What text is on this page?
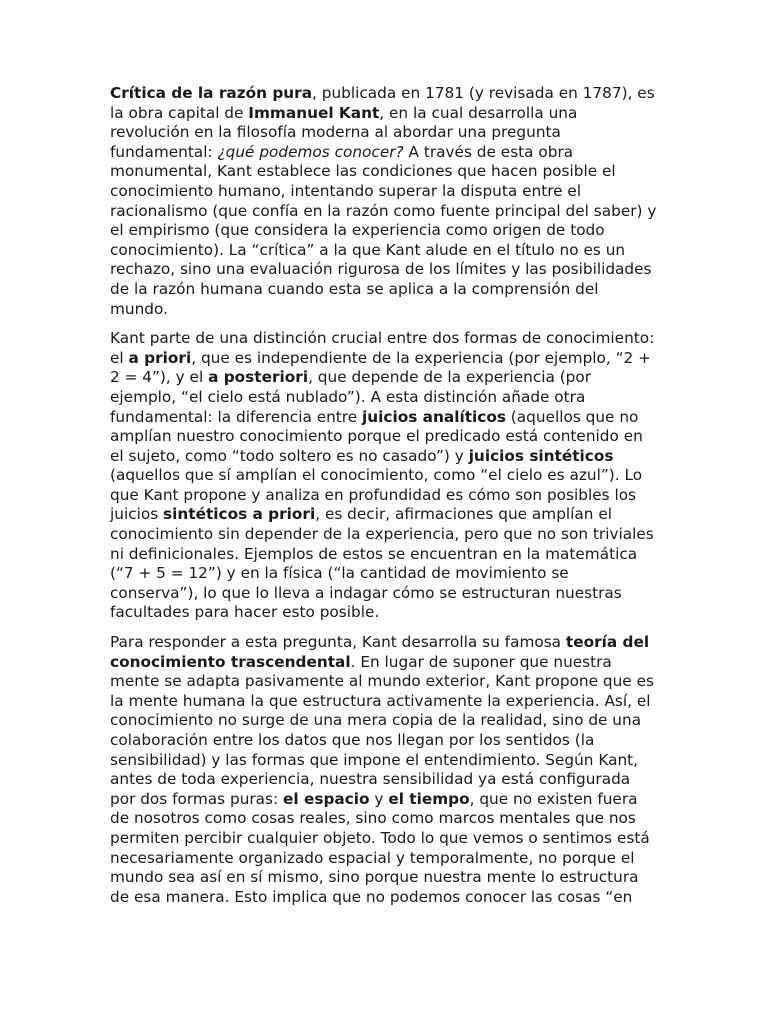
Crítica de la razón pura, publicada en 1781 (y revisada en 1787), es la obra capital de Immanuel Kant, en la cual desarrolla una revolución en la filosofía moderna al abordar una pregunta fundamental: ¿qué podemos conocer? A través de esta obra monumental, Kant establece las condiciones que hacen posible el conocimiento humano, intentando superar la disputa entre el racionalismo (que confía en la razón como fuente principal del saber) y el empirismo (que considera la experiencia como origen de todo conocimiento). La “crítica” a la que Kant alude en el título no es un rechazo, sino una evaluación rigurosa de los límites y las posibilidades de la razón humana cuando esta se aplica a la comprensión del mundo.

Kant parte de una distinción crucial entre dos formas de conocimiento: el a priori, que es independiente de la experiencia (por ejemplo, “2 + 2 = 4”), y el a posteriori, que depende de la experiencia (por ejemplo, “el cielo está nublado”). A esta distinción añade otra fundamental: la diferencia entre juicios analíticos (aquellos que no amplían nuestro conocimiento porque el predicado está contenido en el sujeto, como “todo soltero es no casado”) y juicios sintéticos (aquellos que sí amplían el conocimiento, como “el cielo es azul”). Lo que Kant propone y analiza en profundidad es cómo son posibles los juicios sintéticos a priori, es decir, afirmaciones que amplían el conocimiento sin depender de la experiencia, pero que no son triviales ni definicionales. Ejemplos de estos se encuentran en la matemática (“7 + 5 = 12”) y en la física (“la cantidad de movimiento se conserva”), lo que lo lleva a indagar cómo se estructuran nuestras facultades para hacer esto posible.

Para responder a esta pregunta, Kant desarrolla su famosa teoría del conocimiento trascendental. En lugar de suponer que nuestra mente se adapta pasivamente al mundo exterior, Kant propone que es la mente humana la que estructura activamente la experiencia. Así, el conocimiento no surge de una mera copia de la realidad, sino de una colaboración entre los datos que nos llegan por los sentidos (la sensibilidad) y las formas que impone el entendimiento. Según Kant, antes de toda experiencia, nuestra sensibilidad ya está configurada por dos formas puras: el espacio y el tiempo, que no existen fuera de nosotros como cosas reales, sino como marcos mentales que nos permiten percibir cualquier objeto. Todo lo que vemos o sentimos está necesariamente organizado espacial y temporalmente, no porque el mundo sea así en sí mismo, sino porque nuestra mente lo estructura de esa manera. Esto implica que no podemos conocer las cosas “en
